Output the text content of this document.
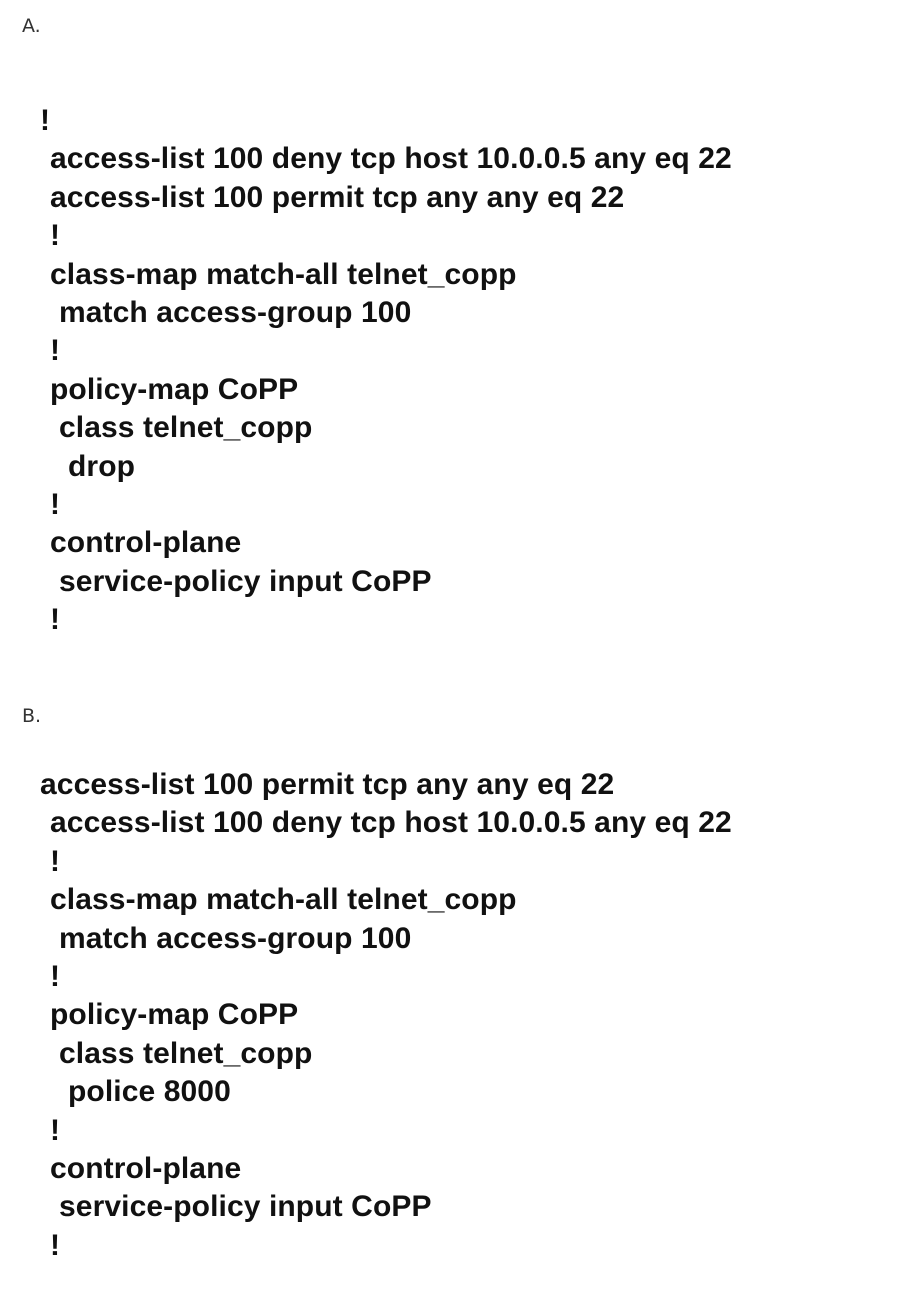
A.
!
access-list 100 deny tcp host 10.0.0.5 any eq 22
access-list 100 permit tcp any any eq 22
!
class-map match-all telnet_copp
match access-group 100
!
policy-map CoPP
class telnet_copp
drop
!
control-plane
service-policy input CoPP
!
B.
access-list 100 permit tcp any any eq 22
access-list 100 deny tcp host 10.0.0.5 any eq 22
!
class-map match-all telnet_copp
match access-group 100
!
policy-map CoPP
class telnet_copp
police 8000
!
control-plane
service-policy input CoPP
!
